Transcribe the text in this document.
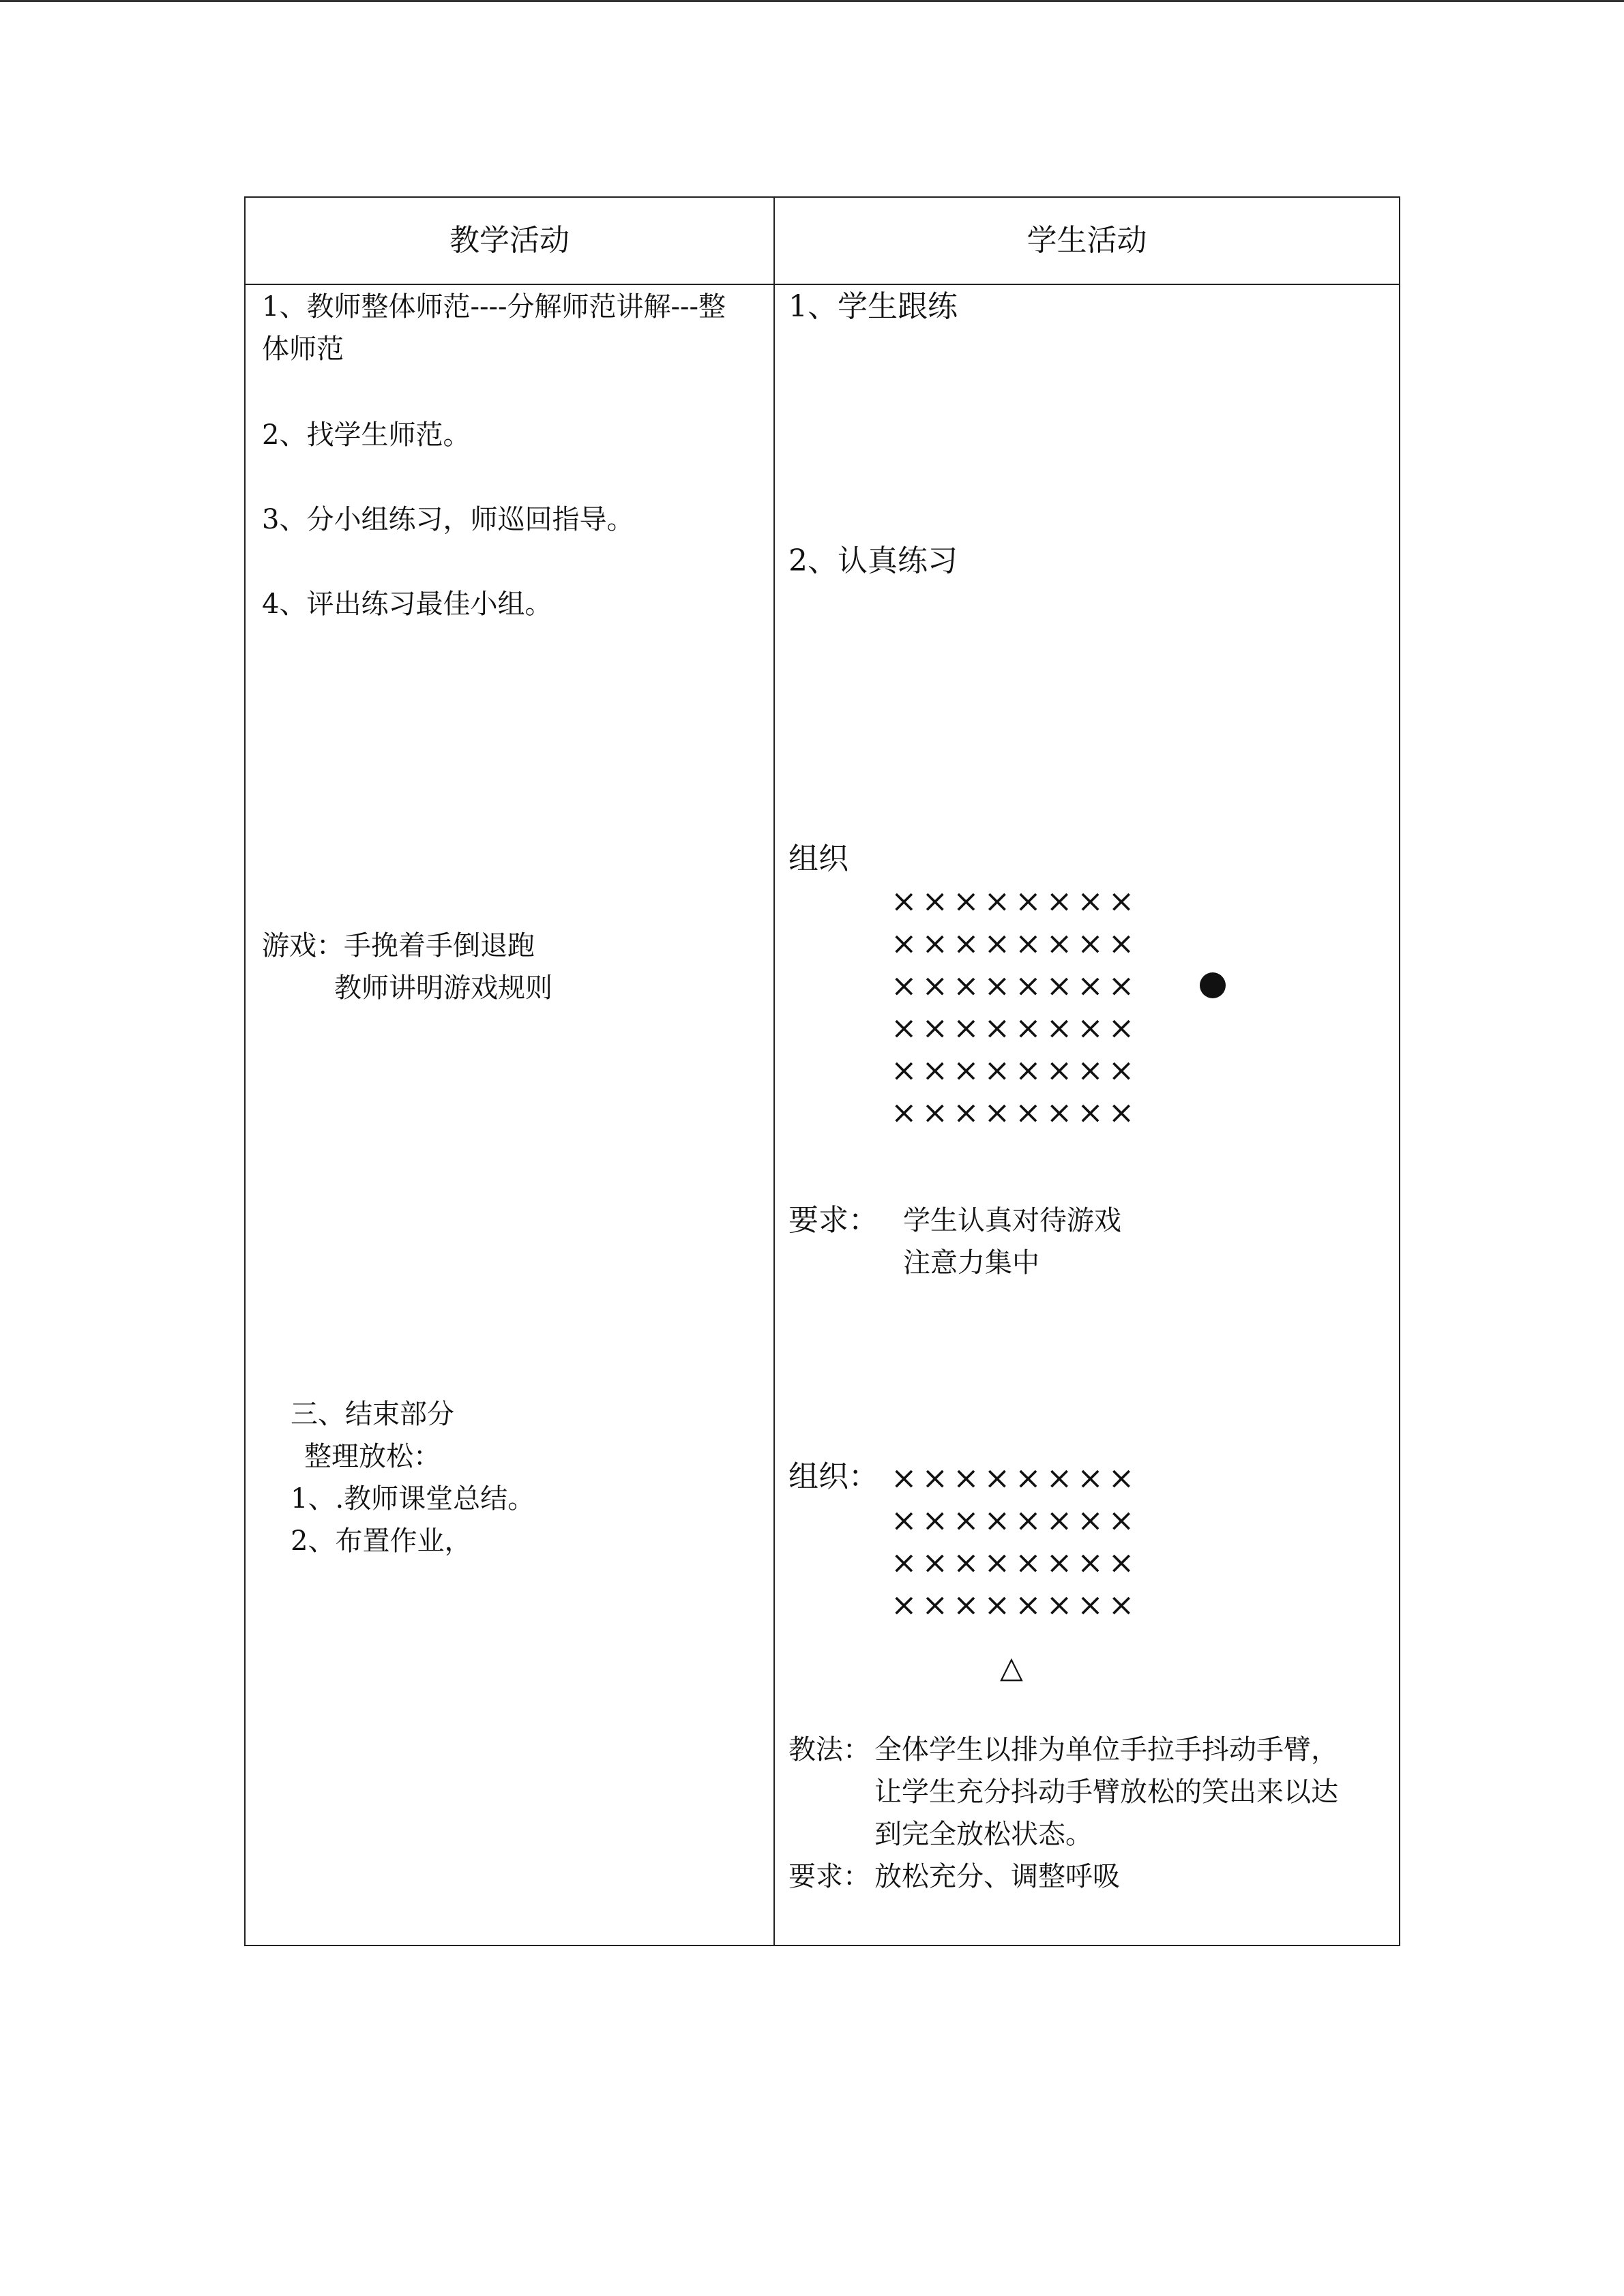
教学活动	学生活动
1、教师整体师范----分解师范讲解---整
体师范
2、找学生师范。
3、分小组练习，师巡回指导。
4、评出练习最佳小组。
游戏：手挽着手倒退跑
教师讲明游戏规则
三、结束部分
整理放松：
1、.教师课堂总结。
2、布置作业，
1、学生跟练
2、认真练习
组织
××××××××
××××××××
××××××××
××××××××
××××××××
××××××××
要求： 学生认真对待游戏
注意力集中
组织： ××××××××
××××××××
××××××××
××××××××
△
教法： 全体学生以排为单位手拉手抖动手臂，
让学生充分抖动手臂放松的笑出来以达
到完全放松状态。
要求： 放松充分、调整呼吸
